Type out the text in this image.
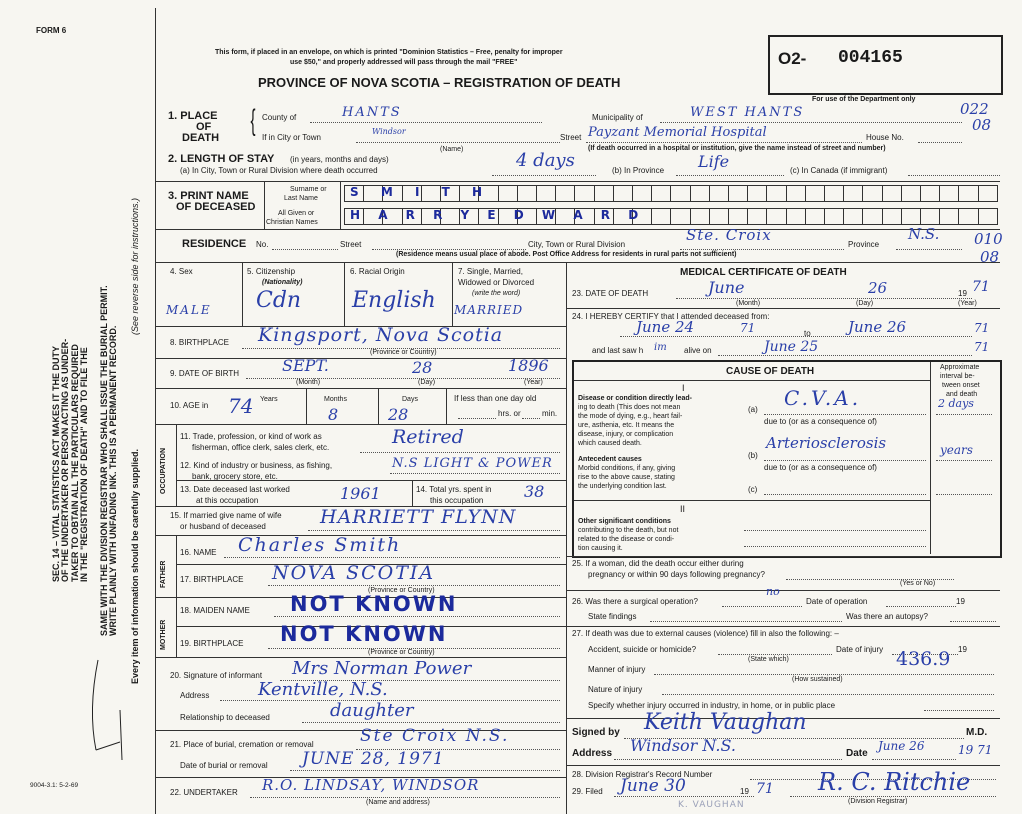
FORM 6
This form, if placed in an envelope, on which is printed "Dominion Statistics – Free, penalty for improper
use $50," and properly addressed will pass through the mail "FREE"
PROVINCE OF NOVA SCOTIA – REGISTRATION OF DEATH
O2- 004165
For use of the Department only
022
08
010
08
SEC. 14 – VITAL STATISTICS ACT MAKES IT THE DUTY OF THE UNDERTAKER OR PERSON ACTING AS UNDER- TAKER TO OBTAIN ALL THE PARTICULARS REQUIRED IN THE "REGISTRATION OF DEATH" AND TO FILE THE SAME WITH THE DIVISION REGISTRAR WHO SHALL ISSUE THE BURIAL PERMIT. WRITE PLAINLY WITH UNFADING INK. THIS IS A PERMANENT RECORD.
(See reverse side for instructions.)
Every item of information should be carefully supplied.
9004-3.1: 5-2-69
1. PLACE
OF
DEATH
{ County of	HANTS	Municipality of	WEST HANTS
If in City or Town
Windsor
(Name)
Street Payzant Memorial Hospital	House No.
(If death occurred in a hospital or institution, give the name instead of street and number)
2. LENGTH OF STAY (in years, months and days)
(a) In City, Town or Rural Division where death occurred	4 days	(b) In Province Life	(c) In Canada (if immigrant)
3. PRINT NAME
OF DECEASED
Surname or
Last Name
All Given or
Christian Names
S M I T H
H A R R Y E D W A R D
RESIDENCE No.	Street	City, Town or Rural Division
Ste. Croix
Province
N.S.
(Residence means usual place of abode. Post Office Address for residents in rural parts not sufficient)
4. Sex
MALE
5. Citizenship
(Nationality)
Cdn
6. Racial Origin
English
7. Single, Married,
Widowed or Divorced
(write the word)
MARRIED
8. BIRTHPLACE Kingsport, Nova Scotia
(Province or Country)
9. DATE OF BIRTH	SEPT.	28	1896
(Month)	(Day)	(Year)
10. AGE in 74 Years	Months
8
Days
28
If less than one day old
hrs. or	min.
OCCUPATION
11. Trade, profession, or kind of work as
fisherman, office clerk, sales clerk, etc.	Retired
12. Kind of industry or business, as fishing,
bank, grocery store, etc.
N.S LIGHT & POWER
13. Date deceased last worked
at this occupation	1961	14. Total yrs. spent in
this occupation	38
15. If married give name of wife
or husband of deceased	HARRIETT FLYNN
FATHER
16. NAME Charles Smith
17. BIRTHPLACE NOVA SCOTIA
(Province or Country)
MOTHER
18. MAIDEN NAME NOT KNOWN
19. BIRTHPLACE NOT KNOWN
(Province or Country)
20. Signature of informant Mrs Norman Power
Address	Kentville, N.S.
Relationship to deceased	daughter
21. Place of burial, cremation or removal	Ste Croix N.S.
Date of burial or removal JUNE 28, 1971
22. UNDERTAKER R.O. LINDSAY, WINDSOR
(Name and address)
MEDICAL CERTIFICATE OF DEATH
23. DATE OF DEATH	June	26	19 71
(Month)	(Day)	(Year)
24. I HEREBY CERTIFY that I attended deceased from:
June 24	71	to June 26	71
and last saw h im alive on	June 25	71
CAUSE OF DEATH	Approximate
interval be-
tween onset
and death
I
Disease or condition directly lead-
ing to death (This does not mean
the mode of dying, e.g., heart fail-
ure, asthenia, etc. It means the
disease, injury, or complication
which caused death.
(a) C.V.A.	2 days
due to (or as a consequence of)
Antecedent causes
Morbid conditions, if any, giving
rise to the above cause, stating
the underlying condition last.
(b)
Arteriosclerosis	years
due to (or as a consequence of)
(c)
II
Other significant conditions
contributing to the death, but not
related to the disease or condi-
tion causing it.
25. If a woman, did the death occur either during
pregnancy or within 90 days following pregnancy?
(Yes or No)
26. Was there a surgical operation?
no
Date of operation	19
State findings	Was there an autopsy?
27. If death was due to external causes (violence) fill in also the following: –
Accident, suicide or homicide?	Date of injury	19
(State which)
Manner of injury	436.9
(How sustained)
Nature of injury
Specify whether injury occurred in industry, in home, or in public place
Signed by Keith Vaughan	M.D.
Address Windsor N.S.	Date
June 26	19 71
28. Division Registrar's Record Number
29. Filed June 30	19 71 R. C. Ritchie
(Division Registrar)
K. VAUGHAN
